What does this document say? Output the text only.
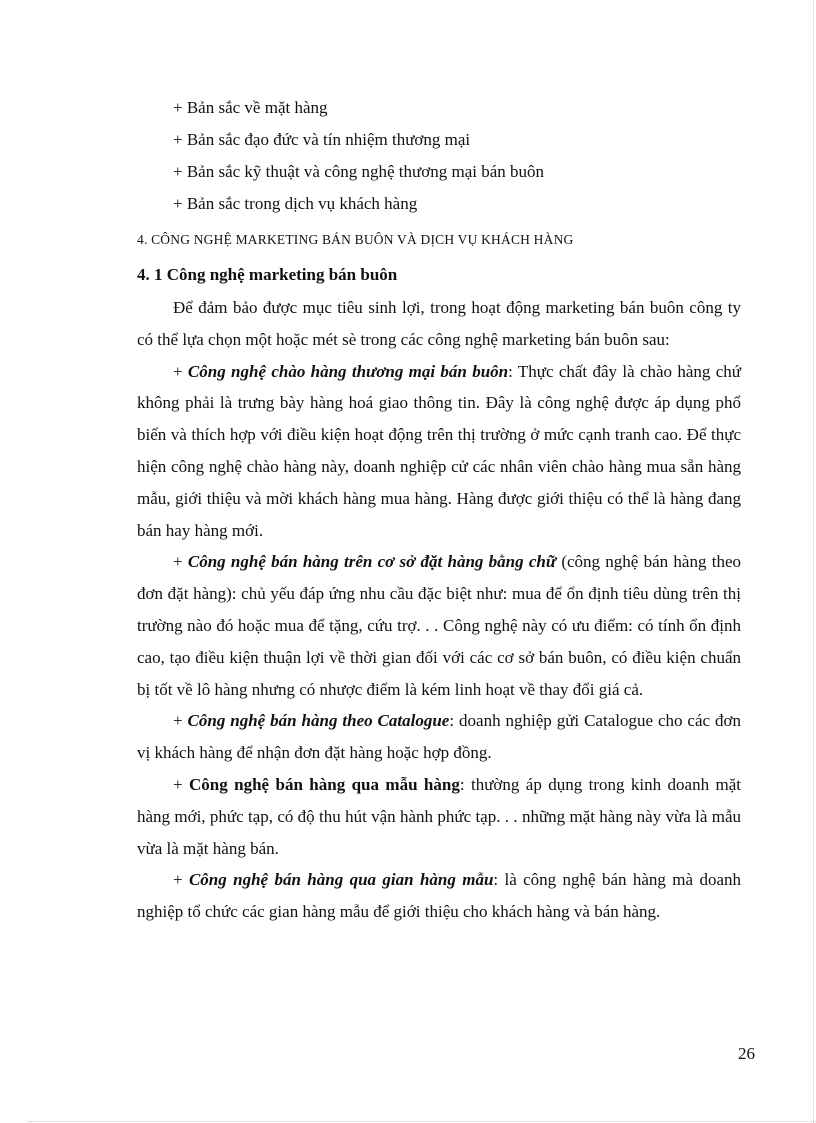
+ Bản sắc về mặt hàng
+ Bản sắc đạo đức và tín nhiệm thương mại
+ Bản sắc kỹ thuật và công nghệ thương mại bán buôn
+ Bản sắc trong dịch vụ khách hàng
4. CÔNG NGHỆ MARKETING BÁN BUÔN VÀ DỊCH VỤ KHÁCH HÀNG
4. 1 Công nghệ marketing bán buôn

Để đảm bảo được mục tiêu sinh lợi, trong hoạt động marketing bán buôn công ty có thể lựa chọn một hoặc mét sè trong các công nghệ marketing bán buôn sau:

+ Công nghệ chào hàng thương mại bán buôn: Thực chất đây là chào hàng chứ không phải là trưng bày hàng hoá giao thông tin. Đây là công nghệ được áp dụng phổ biến và thích hợp với điều kiện hoạt động trên thị trường ở mức cạnh tranh cao. Để thực hiện công nghệ chào hàng này, doanh nghiệp cử các nhân viên chào hàng mua sẵn hàng mẫu, giới thiệu và mời khách hàng mua hàng. Hàng được giới thiệu có thể là hàng đang bán hay hàng mới.

+ Công nghệ bán hàng trên cơ sở đặt hàng bằng chữ (công nghệ bán hàng theo đơn đặt hàng): chủ yếu đáp ứng nhu cầu đặc biệt như: mua để ổn định tiêu dùng trên thị trường nào đó hoặc mua để tặng, cứu trợ. . . Công nghệ này có ưu điểm: có tính ổn định cao, tạo điều kiện thuận lợi về thời gian đối với các cơ sở bán buôn, có điều kiện chuẩn bị tốt về lô hàng nhưng có nhược điểm là kém linh hoạt về thay đổi giá cả.

+ Công nghệ bán hàng theo Catalogue: doanh nghiệp gửi Catalogue cho các đơn vị khách hàng để nhận đơn đặt hàng hoặc hợp đồng.

+ Công nghệ bán hàng qua mẫu hàng: thường áp dụng trong kinh doanh mặt hàng mới, phức tạp, có độ thu hút vận hành phức tạp. . . những mặt hàng này vừa là mẫu vừa là mặt hàng bán.

+ Công nghệ bán hàng qua gian hàng mẫu: là công nghệ bán hàng mà doanh nghiệp tổ chức các gian hàng mẫu để giới thiệu cho khách hàng và bán hàng.

26
